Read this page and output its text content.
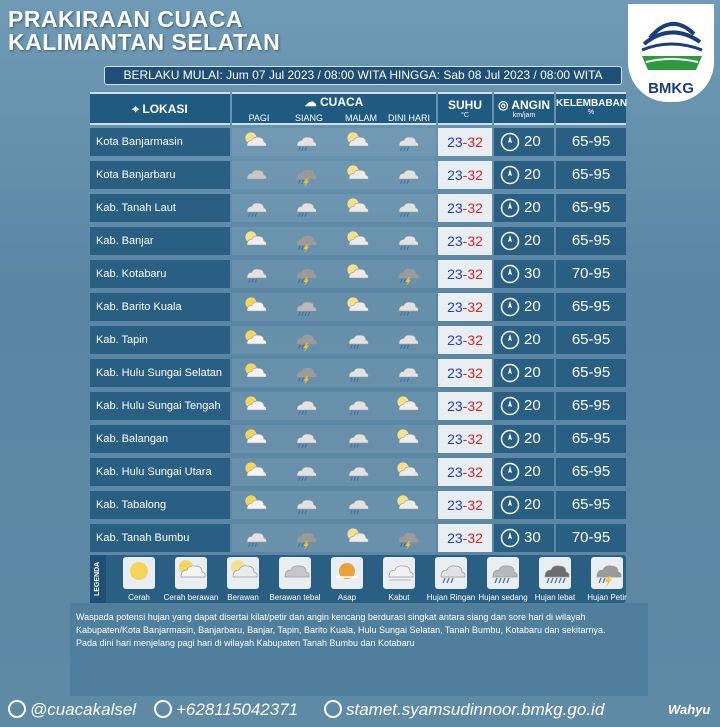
PRAKIRAAN CUACA
KALIMANTAN SELATAN
BMKG
BERLAKU MULAI: Jum 07 Jul 2023 / 08:00 WITA HINGGA: Sab 08 Jul 2023 / 08:00 WITA
⌖ LOKASI	☁ CUACA
PAGI	SIANG	MALAM	DINI HARI
SUHU
°C
◎ ANGIN
km/jam
KELEMBABAN
%
Kota Banjarmasin	23-32	20	65-95
Kota Banjarbaru	23-32	20	65-95
Kab. Tanah Laut	23-32	20	65-95
Kab. Banjar	23-32	20	65-95
Kab. Kotabaru	23-32	30	70-95
Kab. Barito Kuala	23-32	20	65-95
Kab. Tapin	23-32	20	65-95
Kab. Hulu Sungai Selatan	23-32	20	65-95
Kab. Hulu Sungai Tengah	23-32	20	65-95
Kab. Balangan	23-32	20	65-95
Kab. Hulu Sungai Utara	23-32	20	65-95
Kab. Tabalong	23-32	20	65-95
Kab. Tanah Bumbu	23-32	30	70-95
LEGENDA
Cerah	Cerah berawan	Berawan	Berawan tebal	Asap	Kabut	Hujan Ringan Hujan sedang Hujan lebat	Hujan Petir
Waspada potensi hujan yang dapat disertai kilat/petir dan angin kencang berdurasi singkat antara siang dan sore hari di wilayah
Kabupaten/Kota Banjarmasin, Banjarbaru, Banjar, Tapin, Barito Kuala, Hulu Sungai Selatan, Tanah Bumbu, Kotabaru dan sekitarnya.
Pada dini hari menjelang pagi hari di wilayah Kabupaten Tanah Bumbu dan Kotabaru
@cuacakalsel	+628115042371	stamet.syamsudinnoor.bmkg.go.id	Wahyu
